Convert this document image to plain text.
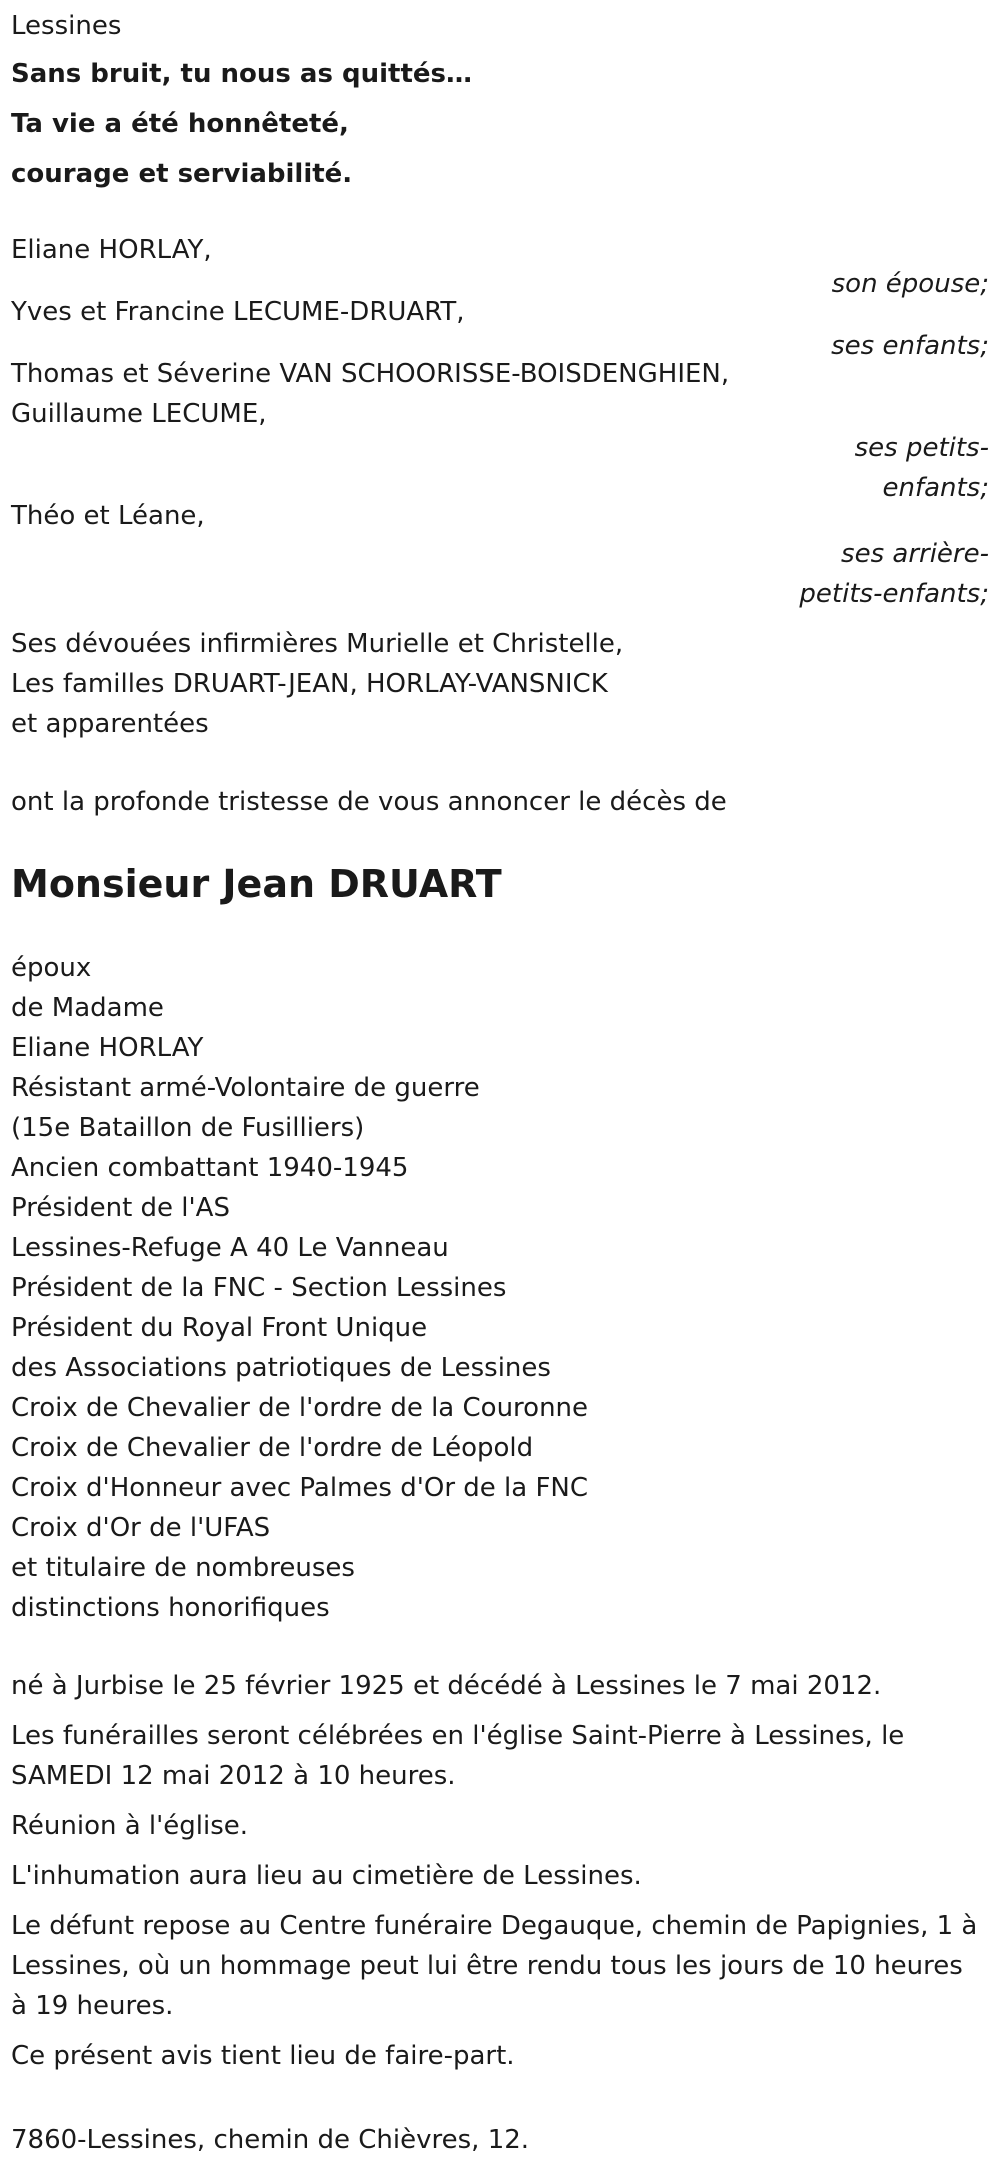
Lessines
Sans bruit, tu nous as quittés…
Ta vie a été honnêteté,
courage et serviabilité.
Eliane HORLAY,
son épouse;
Yves et Francine LECUME-DRUART,
ses enfants;
Thomas et Séverine VAN SCHOORISSE-BOISDENGHIEN,
Guillaume LECUME,
ses petits-enfants;
Théo et Léane,
ses arrière-petits-enfants;
Ses dévouées infirmières Murielle et Christelle,
Les familles DRUART-JEAN, HORLAY-VANSNICK
et apparentées
ont la profonde tristesse de vous annoncer le décès de
Monsieur Jean DRUART
époux
de Madame
Eliane HORLAY
Résistant armé-Volontaire de guerre
(15e Bataillon de Fusilliers)
Ancien combattant 1940-1945
Président de l'AS
Lessines-Refuge A 40 Le Vanneau
Président de la FNC - Section Lessines
Président du Royal Front Unique
des Associations patriotiques de Lessines
Croix de Chevalier de l'ordre de la Couronne
Croix de Chevalier de l'ordre de Léopold
Croix d'Honneur avec Palmes d'Or de la FNC
Croix d'Or de l'UFAS
et titulaire de nombreuses
distinctions honorifiques
né à Jurbise le 25 février 1925 et décédé à Lessines le 7 mai 2012.
Les funérailles seront célébrées en l'église Saint-Pierre à Lessines, le SAMEDI 12 mai 2012 à 10 heures.
Réunion à l'église.
L'inhumation aura lieu au cimetière de Lessines.
Le défunt repose au Centre funéraire Degauque, chemin de Papignies, 1 à Lessines, où un hommage peut lui être rendu tous les jours de 10 heures à 19 heures.
Ce présent avis tient lieu de faire-part.
7860-Lessines, chemin de Chièvres, 12.
